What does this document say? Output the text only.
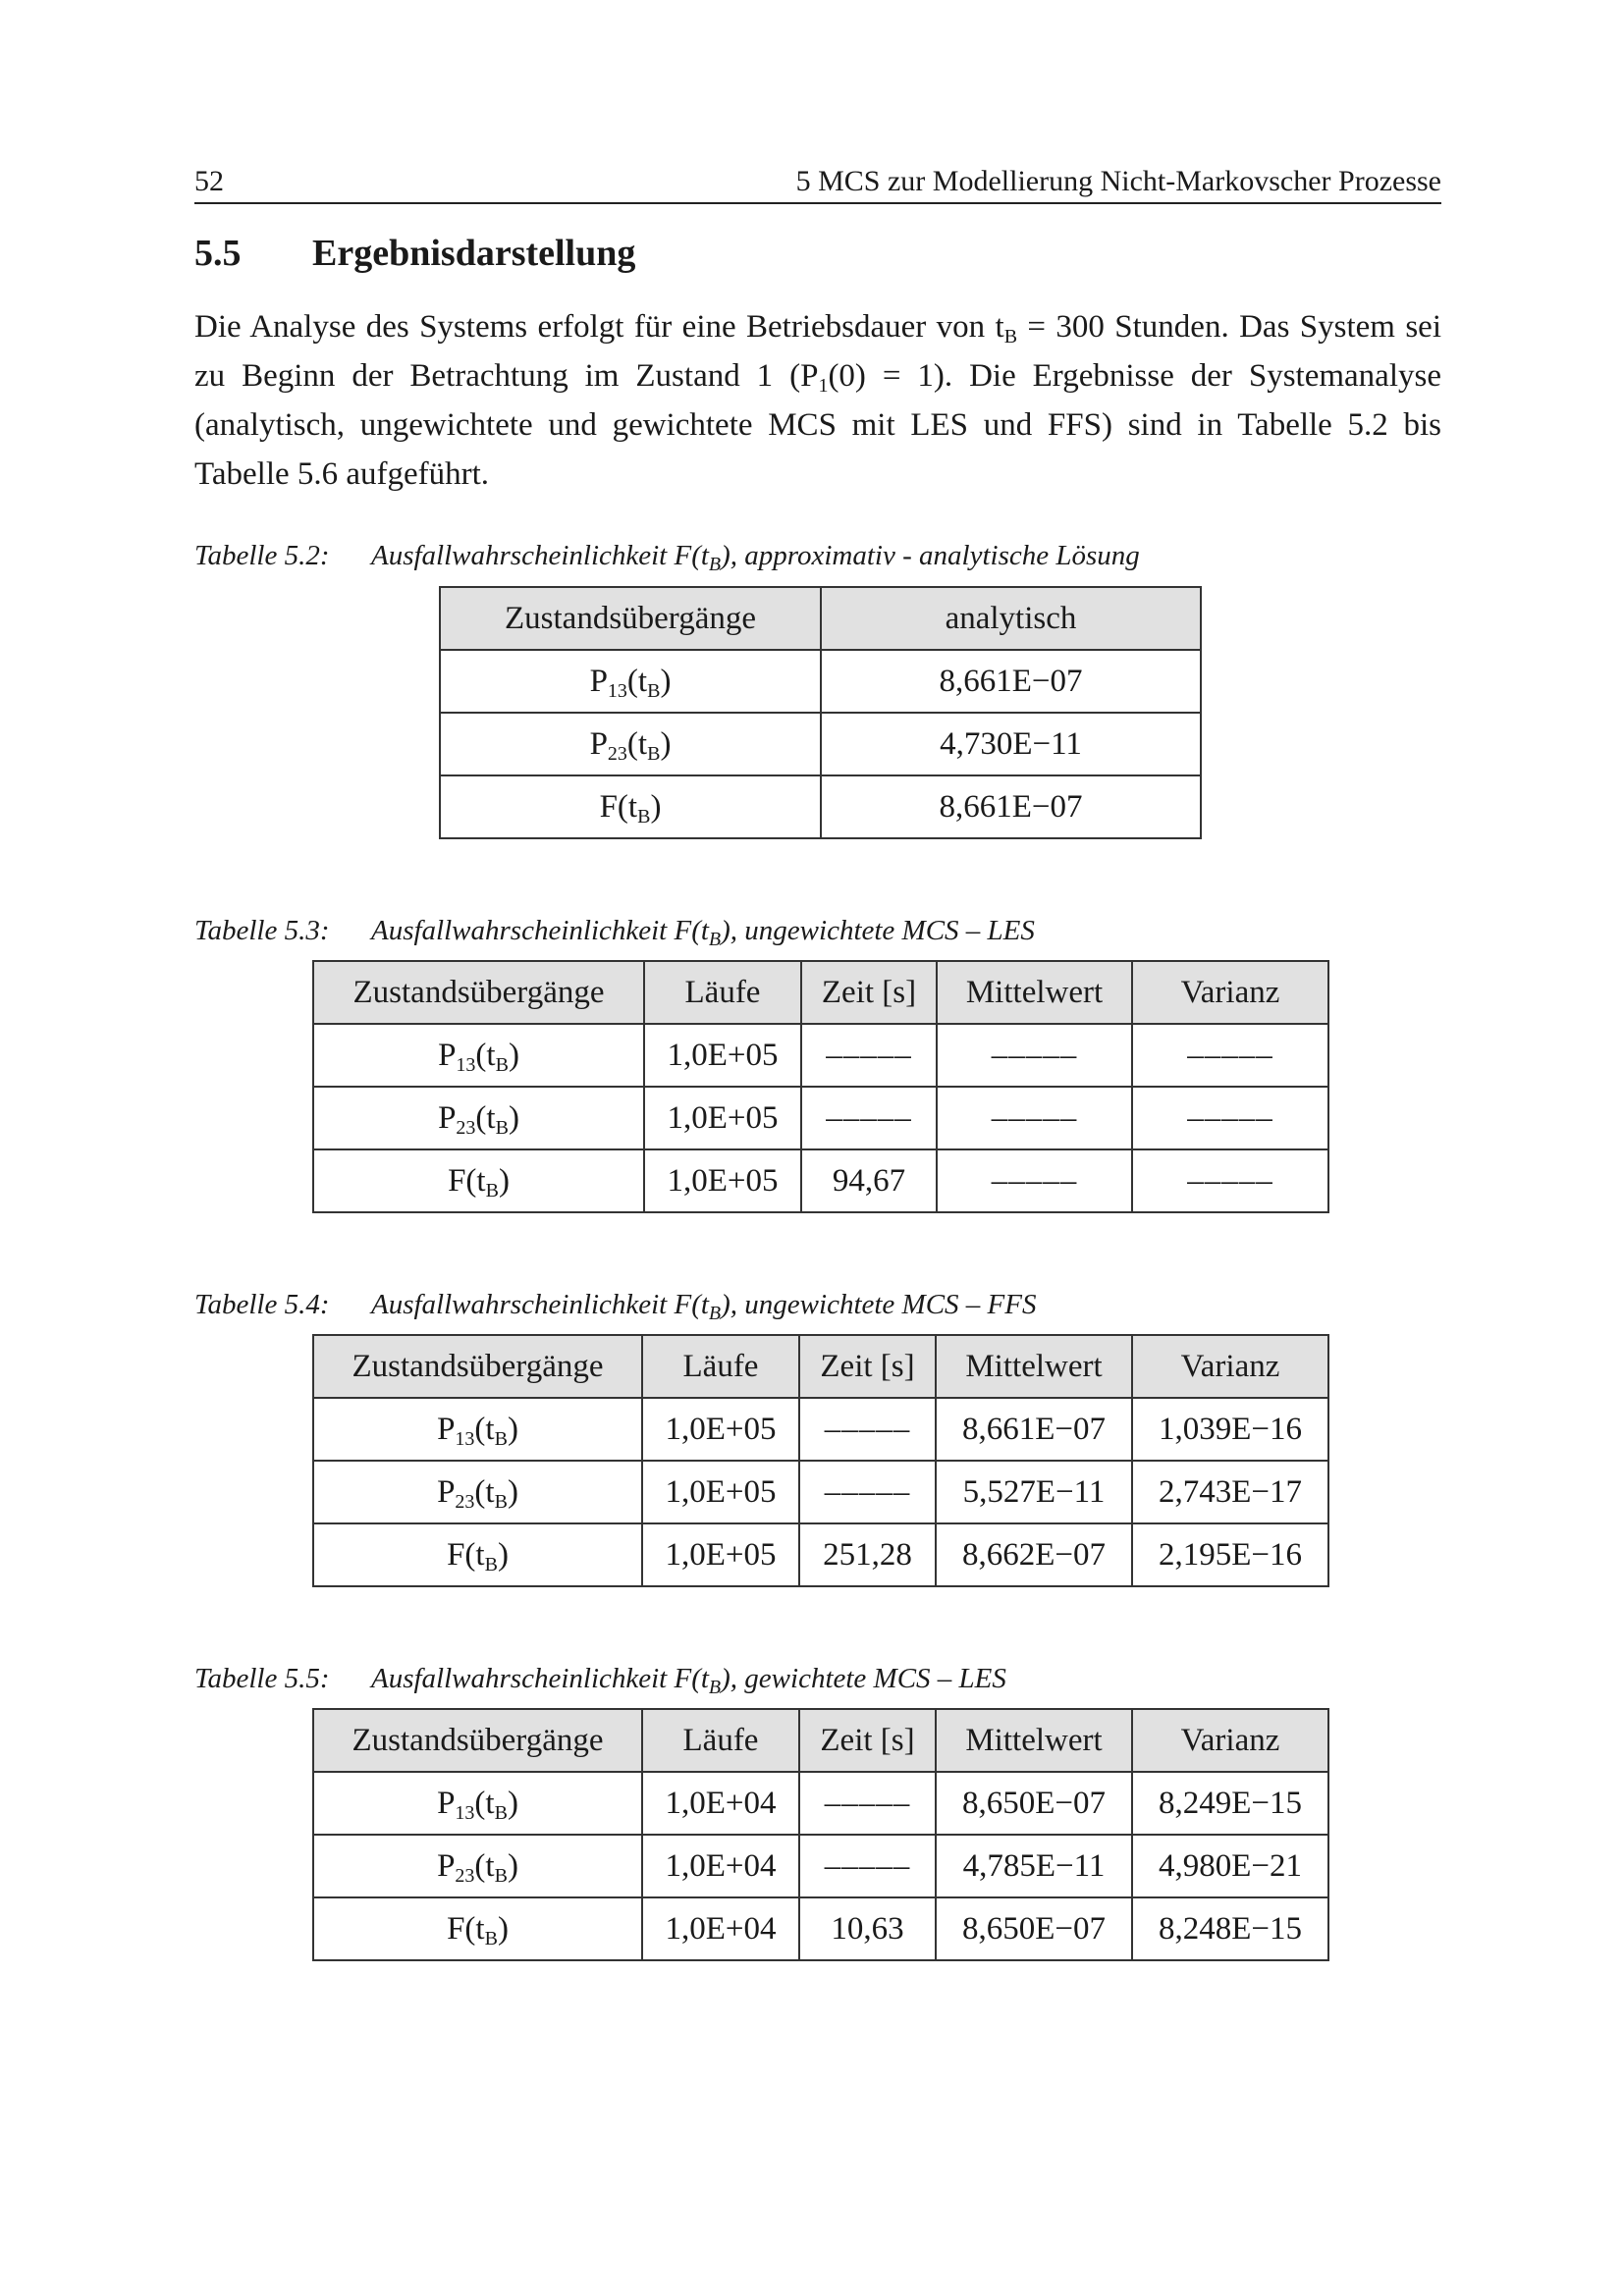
52	5 MCS zur Modellierung Nicht-Markovscher Prozesse
5.5 Ergebnisdarstellung
Die Analyse des Systems erfolgt für eine Betriebsdauer von $t_B = 300$ Stunden. Das System sei zu Beginn der Betrachtung im Zustand 1 $(P_1(0) = 1)$. Die Ergebnisse der Systemanalyse (analytisch, ungewichtete und gewichtete MCS mit LES und FFS) sind in Tabelle 5.2 bis Tabelle 5.6 aufgeführt.
Tabelle 5.2: Ausfallwahrscheinlichkeit $F(t_B)$, approximativ - analytische Lösung
Zustandsübergänge	analytisch
$P_{13}(t_B)$	8,661E−07
$P_{23}(t_B)$	4,730E−11
$F(t_B)$	8,661E−07
Tabelle 5.3: Ausfallwahrscheinlichkeit $F(t_B)$, ungewichtete MCS – LES
Zustandsübergänge	Läufe	Zeit [s]	Mittelwert	Varianz
$P_{13}(t_B)$	1,0E+05	–––––	–––––	–––––
$P_{23}(t_B)$	1,0E+05	–––––	–––––	–––––
$F(t_B)$	1,0E+05	94,67	–––––	–––––
Tabelle 5.4: Ausfallwahrscheinlichkeit $F(t_B)$, ungewichtete MCS – FFS
Zustandsübergänge	Läufe	Zeit [s]	Mittelwert	Varianz
$P_{13}(t_B)$	1,0E+05	–––––	8,661E−07	1,039E−16
$P_{23}(t_B)$	1,0E+05	–––––	5,527E−11	2,743E−17
$F(t_B)$	1,0E+05	251,28	8,662E−07	2,195E−16
Tabelle 5.5: Ausfallwahrscheinlichkeit $F(t_B)$, gewichtete MCS – LES
Zustandsübergänge	Läufe	Zeit [s]	Mittelwert	Varianz
$P_{13}(t_B)$	1,0E+04	–––––	8,650E−07	8,249E−15
$P_{23}(t_B)$	1,0E+04	–––––	4,785E−11	4,980E−21
$F(t_B)$	1,0E+04	10,63	8,650E−07	8,248E−15
